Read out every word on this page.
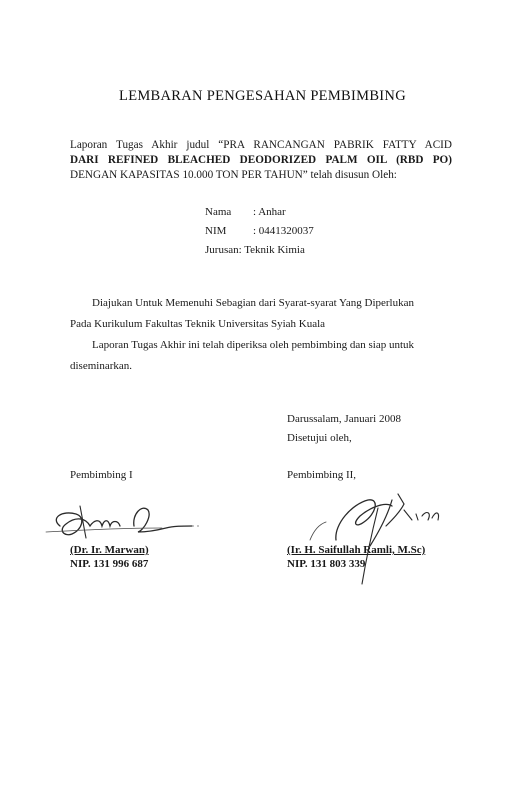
LEMBARAN PENGESAHAN PEMBIMBING
Laporan Tugas Akhir judul “PRA RANCANGAN PABRIK FATTY ACID
DARI REFINED BLEACHED DEODORIZED PALM OIL (RBD PO)
DENGAN KAPASITAS 10.000 TON PER TAHUN” telah disusun Oleh:
Nama : Anhar
NIM : 0441320037
Jurusan: Teknik Kimia
Diajukan Untuk Memenuhi Sebagian dari Syarat-syarat Yang Diperlukan
Pada Kurikulum Fakultas Teknik Universitas Syiah Kuala
Laporan Tugas Akhir ini telah diperiksa oleh pembimbing dan siap untuk
diseminarkan.
Darussalam, Januari 2008
Disetujui oleh,
Pembimbing I
(Dr. Ir. Marwan)
NIP. 131 996 687
Pembimbing II,
(Ir. H. Saifullah Ramli, M.Sc)
NIP. 131 803 339
